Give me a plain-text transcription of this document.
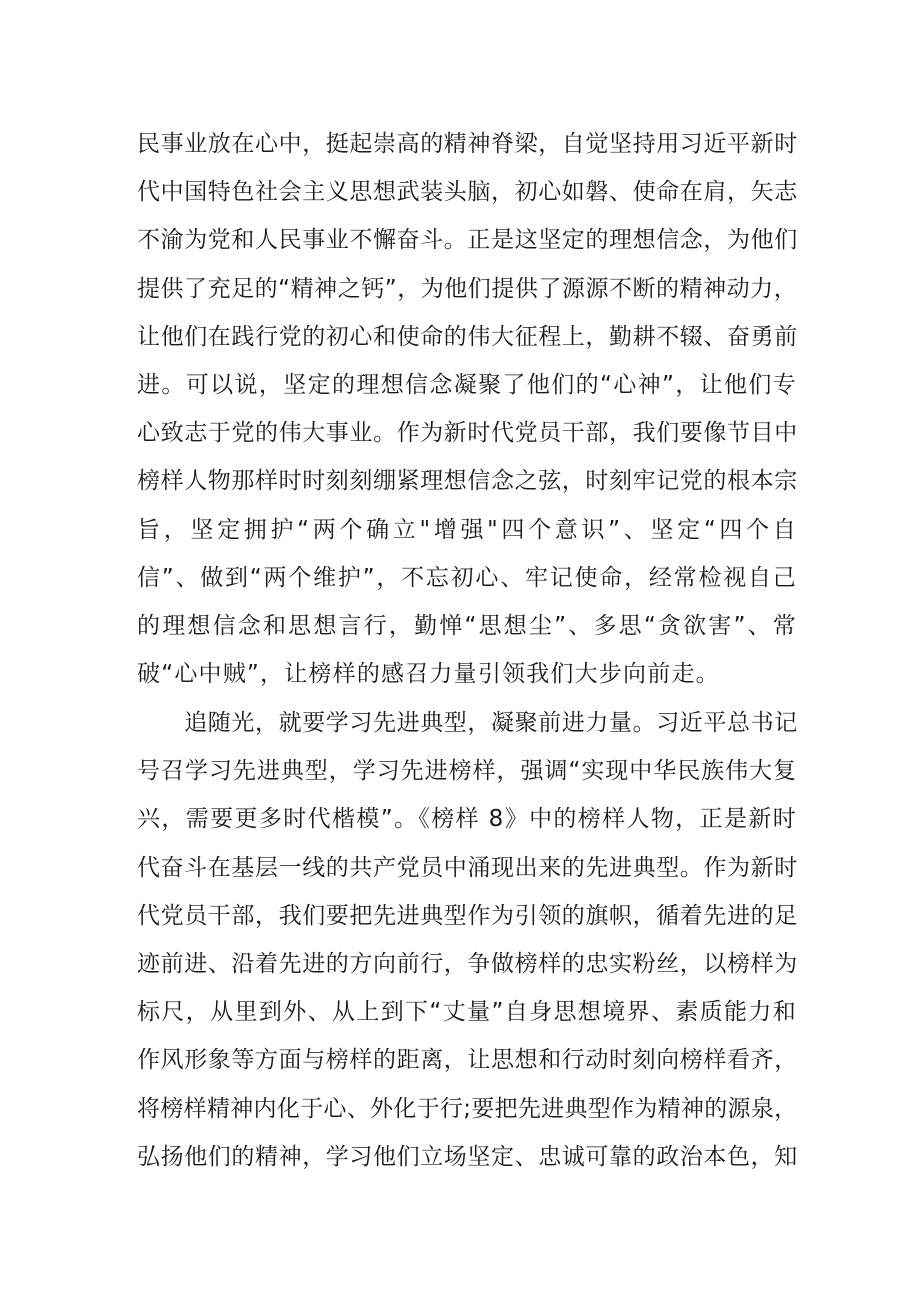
民事业放在心中，挺起崇高的精神脊梁，自觉坚持用习近平新时
代中国特色社会主义思想武装头脑，初心如磐、使命在肩，矢志
不渝为党和人民事业不懈奋斗。正是这坚定的理想信念，为他们
提供了充足的“精神之钙”，为他们提供了源源不断的精神动力，
让他们在践行党的初心和使命的伟大征程上，勤耕不辍、奋勇前
进。可以说，坚定的理想信念凝聚了他们的“心神”，让他们专
心致志于党的伟大事业。作为新时代党员干部，我们要像节目中
榜样人物那样时时刻刻绷紧理想信念之弦，时刻牢记党的根本宗
旨，坚定拥护“两个确立"增强"四个意识”、坚定“四个自
信”、做到“两个维护”，不忘初心、牢记使命，经常检视自己
的理想信念和思想言行，勤惮“思想尘”、多思“贪欲害”、常
破“心中贼”，让榜样的感召力量引领我们大步向前走。
　　追随光，就要学习先进典型，凝聚前进力量。习近平总书记
号召学习先进典型，学习先进榜样，强调“实现中华民族伟大复
兴，需要更多时代楷模”。《榜样 8》中的榜样人物，正是新时
代奋斗在基层一线的共产党员中涌现出来的先进典型。作为新时
代党员干部，我们要把先进典型作为引领的旗帜，循着先进的足
迹前进、沿着先进的方向前行，争做榜样的忠实粉丝，以榜样为
标尺，从里到外、从上到下“丈量”自身思想境界、素质能力和
作风形象等方面与榜样的距离，让思想和行动时刻向榜样看齐，
将榜样精神内化于心、外化于行;要把先进典型作为精神的源泉，
弘扬他们的精神，学习他们立场坚定、忠诚可靠的政治本色，知
